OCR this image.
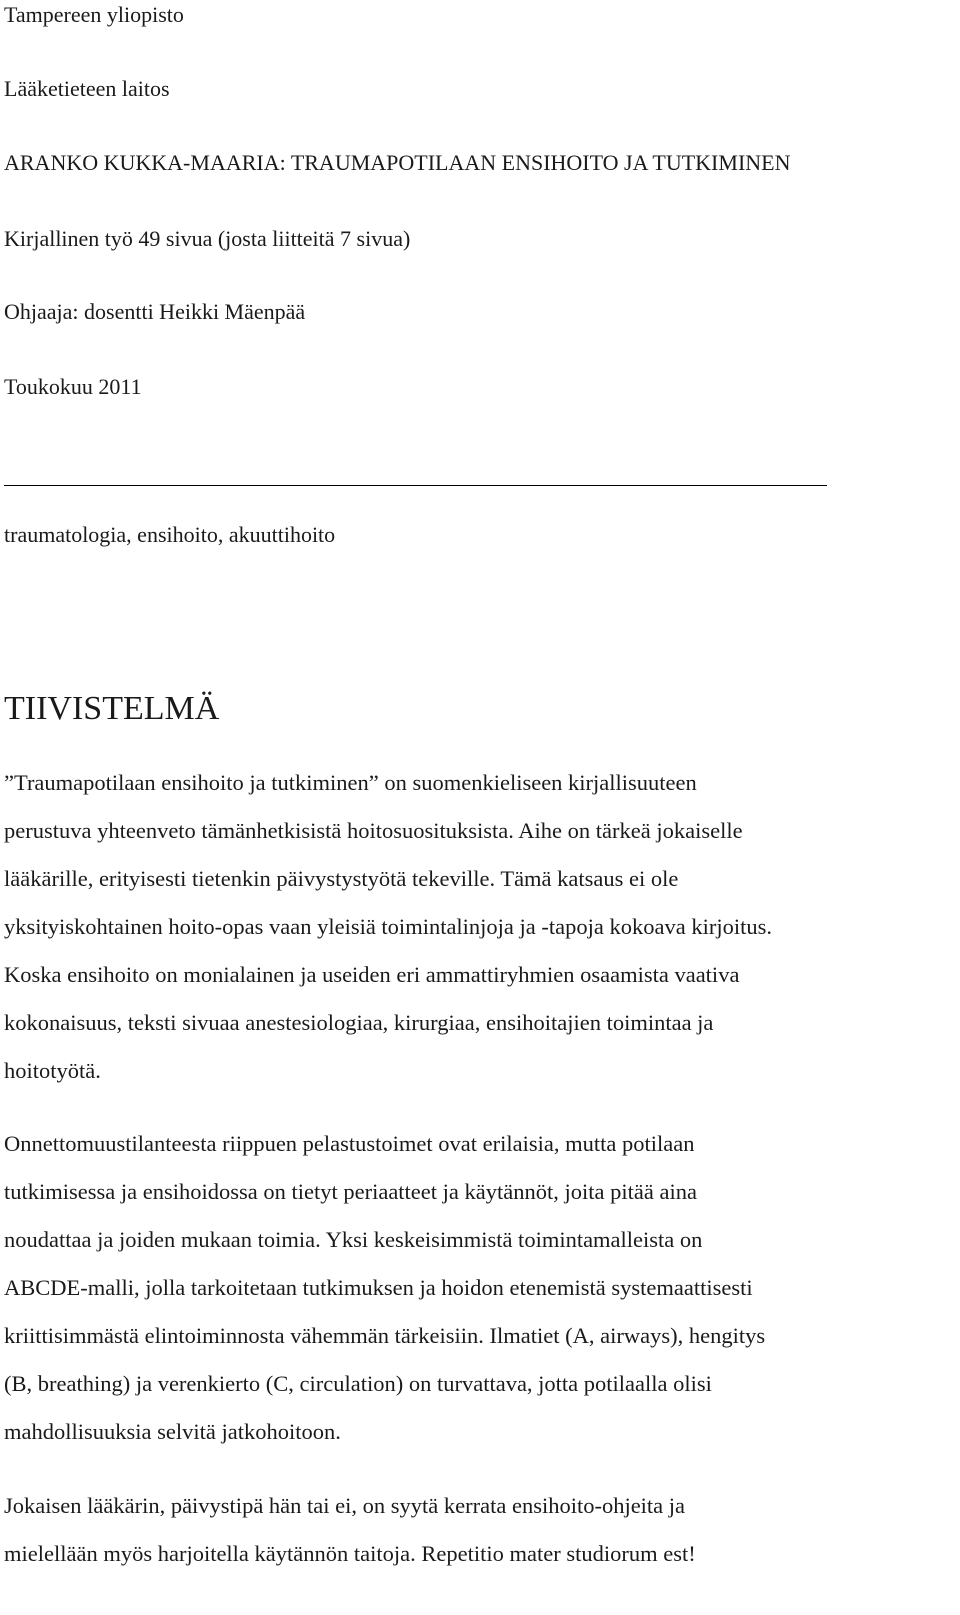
Tampereen yliopisto
Lääketieteen laitos
ARANKO KUKKA-MAARIA: TRAUMAPOTILAAN ENSIHOITO JA TUTKIMINEN
Kirjallinen työ 49 sivua (josta liitteitä 7 sivua)
Ohjaaja: dosentti Heikki Mäenpää
Toukokuu 2011
traumatologia, ensihoito, akuuttihoito
TIIVISTELMÄ
”Traumapotilaan ensihoito ja tutkiminen” on suomenkieliseen kirjallisuuteen
perustuva yhteenveto tämänhetkisistä hoitosuosituksista. Aihe on tärkeä jokaiselle
lääkärille, erityisesti tietenkin päivystystyötä tekeville. Tämä katsaus ei ole
yksityiskohtainen hoito-opas vaan yleisiä toimintalinjoja ja -tapoja kokoava kirjoitus.
Koska ensihoito on monialainen ja useiden eri ammattiryhmien osaamista vaativa
kokonaisuus, teksti sivuaa anestesiologiaa, kirurgiaa, ensihoitajien toimintaa ja
hoitotyötä.
Onnettomuustilanteesta riippuen pelastustoimet ovat erilaisia, mutta potilaan
tutkimisessa ja ensihoidossa on tietyt periaatteet ja käytännöt, joita pitää aina
noudattaa ja joiden mukaan toimia. Yksi keskeisimmistä toimintamalleista on
ABCDE-malli, jolla tarkoitetaan tutkimuksen ja hoidon etenemistä systemaattisesti
kriittisimmästä elintoiminnosta vähemmän tärkeisiin. Ilmatiet (A, airways), hengitys
(B, breathing) ja verenkierto (C, circulation) on turvattava, jotta potilaalla olisi
mahdollisuuksia selvitä jatkohoitoon.
Jokaisen lääkärin, päivystipä hän tai ei, on syytä kerrata ensihoito-ohjeita ja
mielellään myös harjoitella käytännön taitoja. Repetitio mater studiorum est!
